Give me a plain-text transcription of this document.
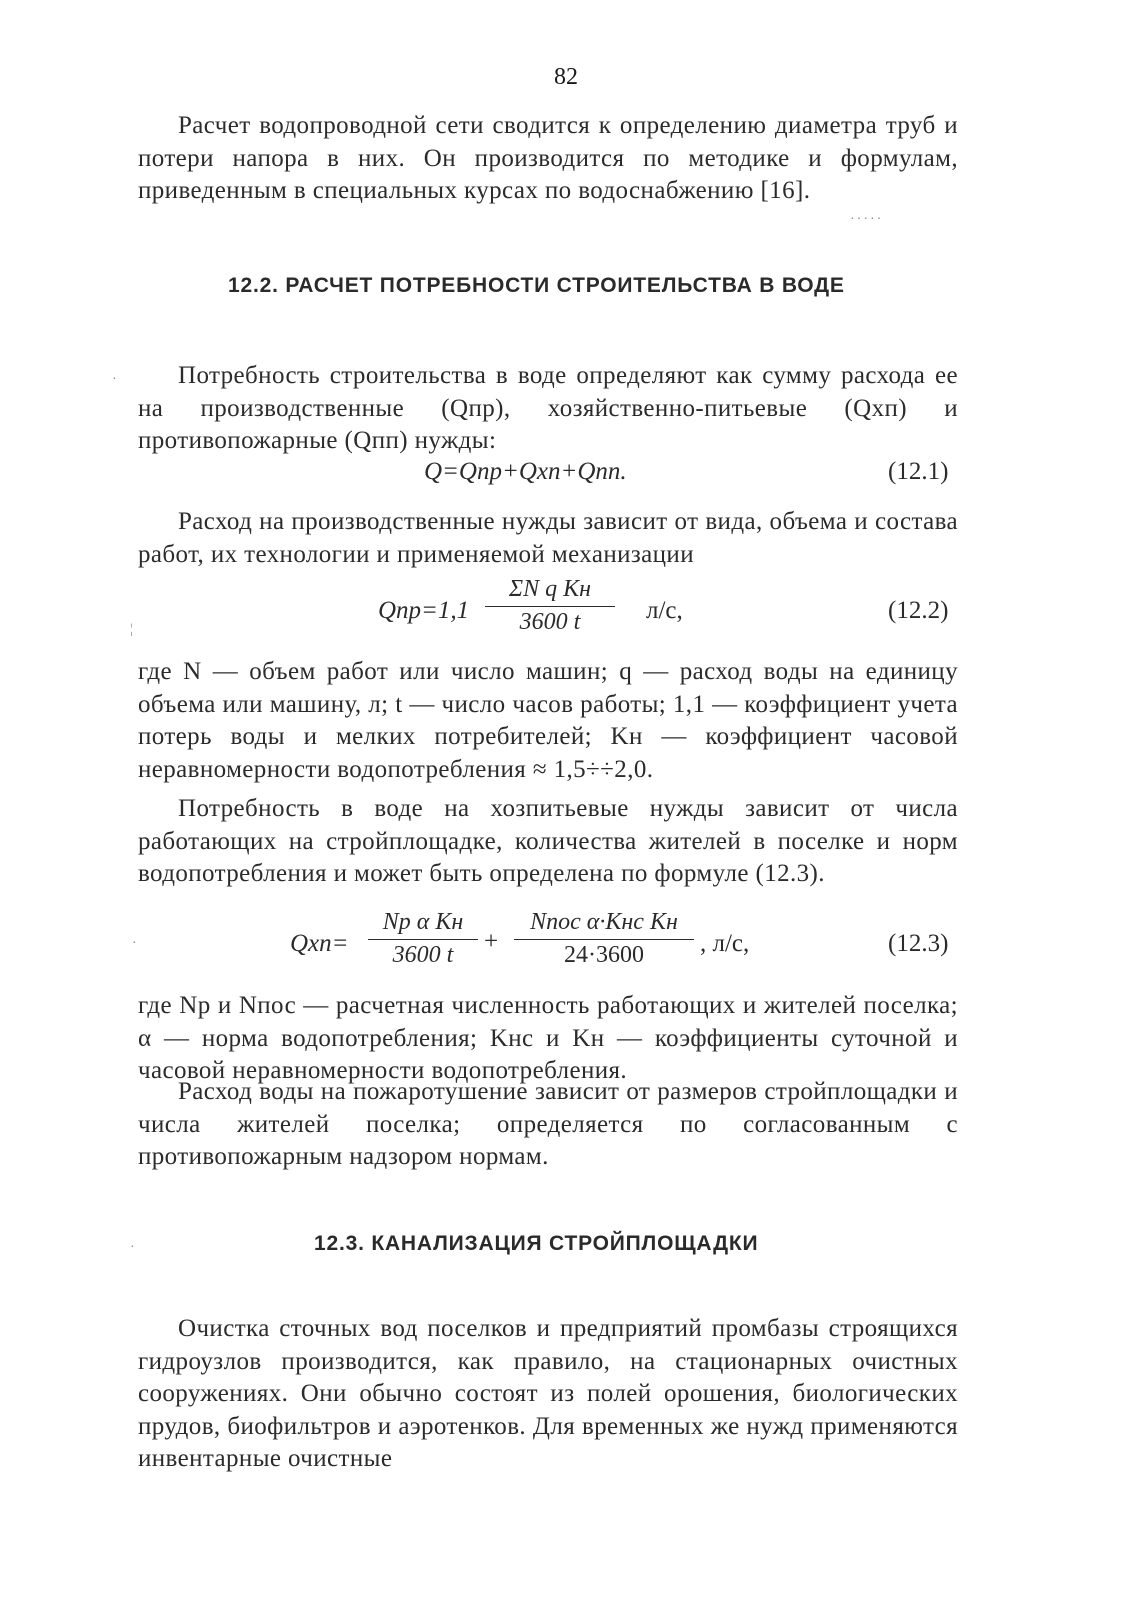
82
Расчет водопроводной сети сводится к определению диаметра труб и потери напора в них. Он производится по методике и формулам, приведенным в специальных курсах по водоснабжению [16].
12.2. РАСЧЕТ ПОТРЕБНОСТИ СТРОИТЕЛЬСТВА В ВОДЕ
Потребность строительства в воде определяют как сумму расхода ее на производственные (Qпр), хозяйственно-питьевые (Qхп) и противопожарные (Qпп) нужды:
Q=Qпр+Qхп+Qпп.	(12.1)
Расход на производственные нужды зависит от вида, объема и состава работ, их технологии и применяемой механизации
Qпр=1,1
ΣN q Kн
3600 t	л/с,	(12.2)
где N — объем работ или число машин; q — расход воды на единицу объема или машину, л; t — число часов работы; 1,1 — коэффициент учета потерь воды и мелких потребителей; Kн — коэффициент часовой неравномерности водопотребления ≈ 1,5÷÷2,0.
Потребность в воде на хозпитьевые нужды зависит от числа работающих на стройплощадке, количества жителей в поселке и норм водопотребления и может быть определена по формуле (12.3).
Qхп=
Nр α Kн
3600 t	+
Nпос α·Kнс Kн
24·3600	, л/с,	(12.3)
где Nр и Nпос — расчетная численность работающих и жителей поселка; α — норма водопотребления; Kнс и Kн — коэффициенты суточной и часовой неравномерности водопотребления.
Расход воды на пожаротушение зависит от размеров стройплощадки и числа жителей поселка; определяется по согласованным с противопожарным надзором нормам.
12.3. КАНАЛИЗАЦИЯ СТРОЙПЛОЩАДКИ
Очистка сточных вод поселков и предприятий промбазы строящихся гидроузлов производится, как правило, на стационарных очистных сооружениях. Они обычно состоят из полей орошения, биологических прудов, биофильтров и аэротенков. Для временных же нужд применяются инвентарные очистные
·
¦
·
·
·····
